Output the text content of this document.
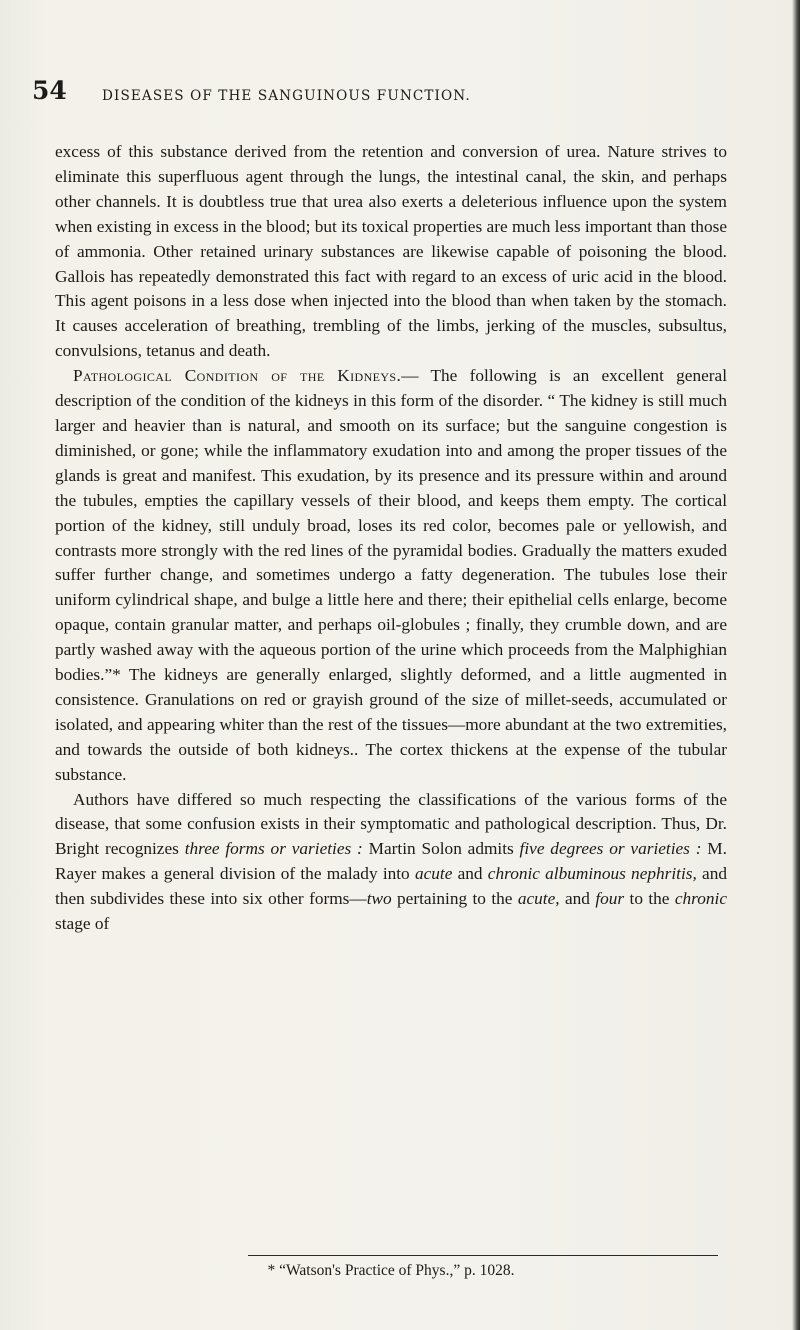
54	DISEASES OF THE SANGUINOUS FUNCTION.

excess of this substance derived from the retention and conversion of urea. Nature strives to eliminate this superfluous agent through the lungs, the intestinal canal, the skin, and perhaps other channels. It is doubtless true that urea also exerts a deleterious influence upon the system when existing in excess in the blood; but its toxical properties are much less important than those of ammonia. Other retained urinary substances are likewise capable of poisoning the blood. Gallois has repeatedly demonstrated this fact with regard to an excess of uric acid in the blood. This agent poisons in a less dose when injected into the blood than when taken by the stomach. It causes acceleration of breathing, trembling of the limbs, jerking of the muscles, subsultus, convulsions, tetanus and death.

Pathological Condition of the Kidneys.— The following is an excellent general description of the condition of the kidneys in this form of the disorder. “ The kidney is still much larger and heavier than is natural, and smooth on its surface; but the sanguine congestion is diminished, or gone; while the inflammatory exudation into and among the proper tissues of the glands is great and manifest. This exudation, by its presence and its pressure within and around the tubules, empties the capillary vessels of their blood, and keeps them empty. The cortical portion of the kidney, still unduly broad, loses its red color, becomes pale or yellowish, and contrasts more strongly with the red lines of the pyramidal bodies. Gradually the matters exuded suffer further change, and sometimes undergo a fatty degeneration. The tubules lose their uniform cylindrical shape, and bulge a little here and there; their epithelial cells enlarge, become opaque, contain granular matter, and perhaps oil-globules ; finally, they crumble down, and are partly washed away with the aqueous portion of the urine which proceeds from the Malphighian bodies.”* The kidneys are generally enlarged, slightly deformed, and a little augmented in consistence. Granulations on red or grayish ground of the size of millet-seeds, accumulated or isolated, and appearing whiter than the rest of the tissues—more abundant at the two extremities, and towards the outside of both kidneys.. The cortex thickens at the expense of the tubular substance.

Authors have differed so much respecting the classifications of the various forms of the disease, that some confusion exists in their symptomatic and pathological description. Thus, Dr. Bright recognizes three forms or varieties : Martin Solon admits five degrees or varieties : M. Rayer makes a general division of the malady into acute and chronic albuminous nephritis, and then subdivides these into six other forms—two pertaining to the acute, and four to the chronic stage of

* “Watson's Practice of Phys.,” p. 1028.
